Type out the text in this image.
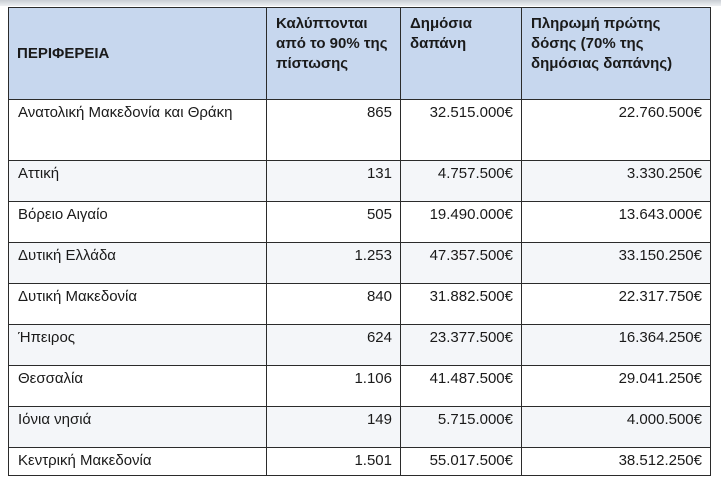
ΠΕΡΙΦΕΡΕΙΑ	Καλύπτονται από το 90% της πίστωσης	Δημόσια δαπάνη	Πληρωμή πρώτης δόσης (70% της δημόσιας δαπάνης)
Ανατολική Μακεδονία και Θράκη	865	32.515.000€	22.760.500€
Αττική	131	4.757.500€	3.330.250€
Βόρειο Αιγαίο	505	19.490.000€	13.643.000€
Δυτική Ελλάδα	1.253	47.357.500€	33.150.250€
Δυτική Μακεδονία	840	31.882.500€	22.317.750€
Ήπειρος	624	23.377.500€	16.364.250€
Θεσσαλία	1.106	41.487.500€	29.041.250€
Ιόνια νησιά	149	5.715.000€	4.000.500€
Κεντρική Μακεδονία	1.501	55.017.500€	38.512.250€
